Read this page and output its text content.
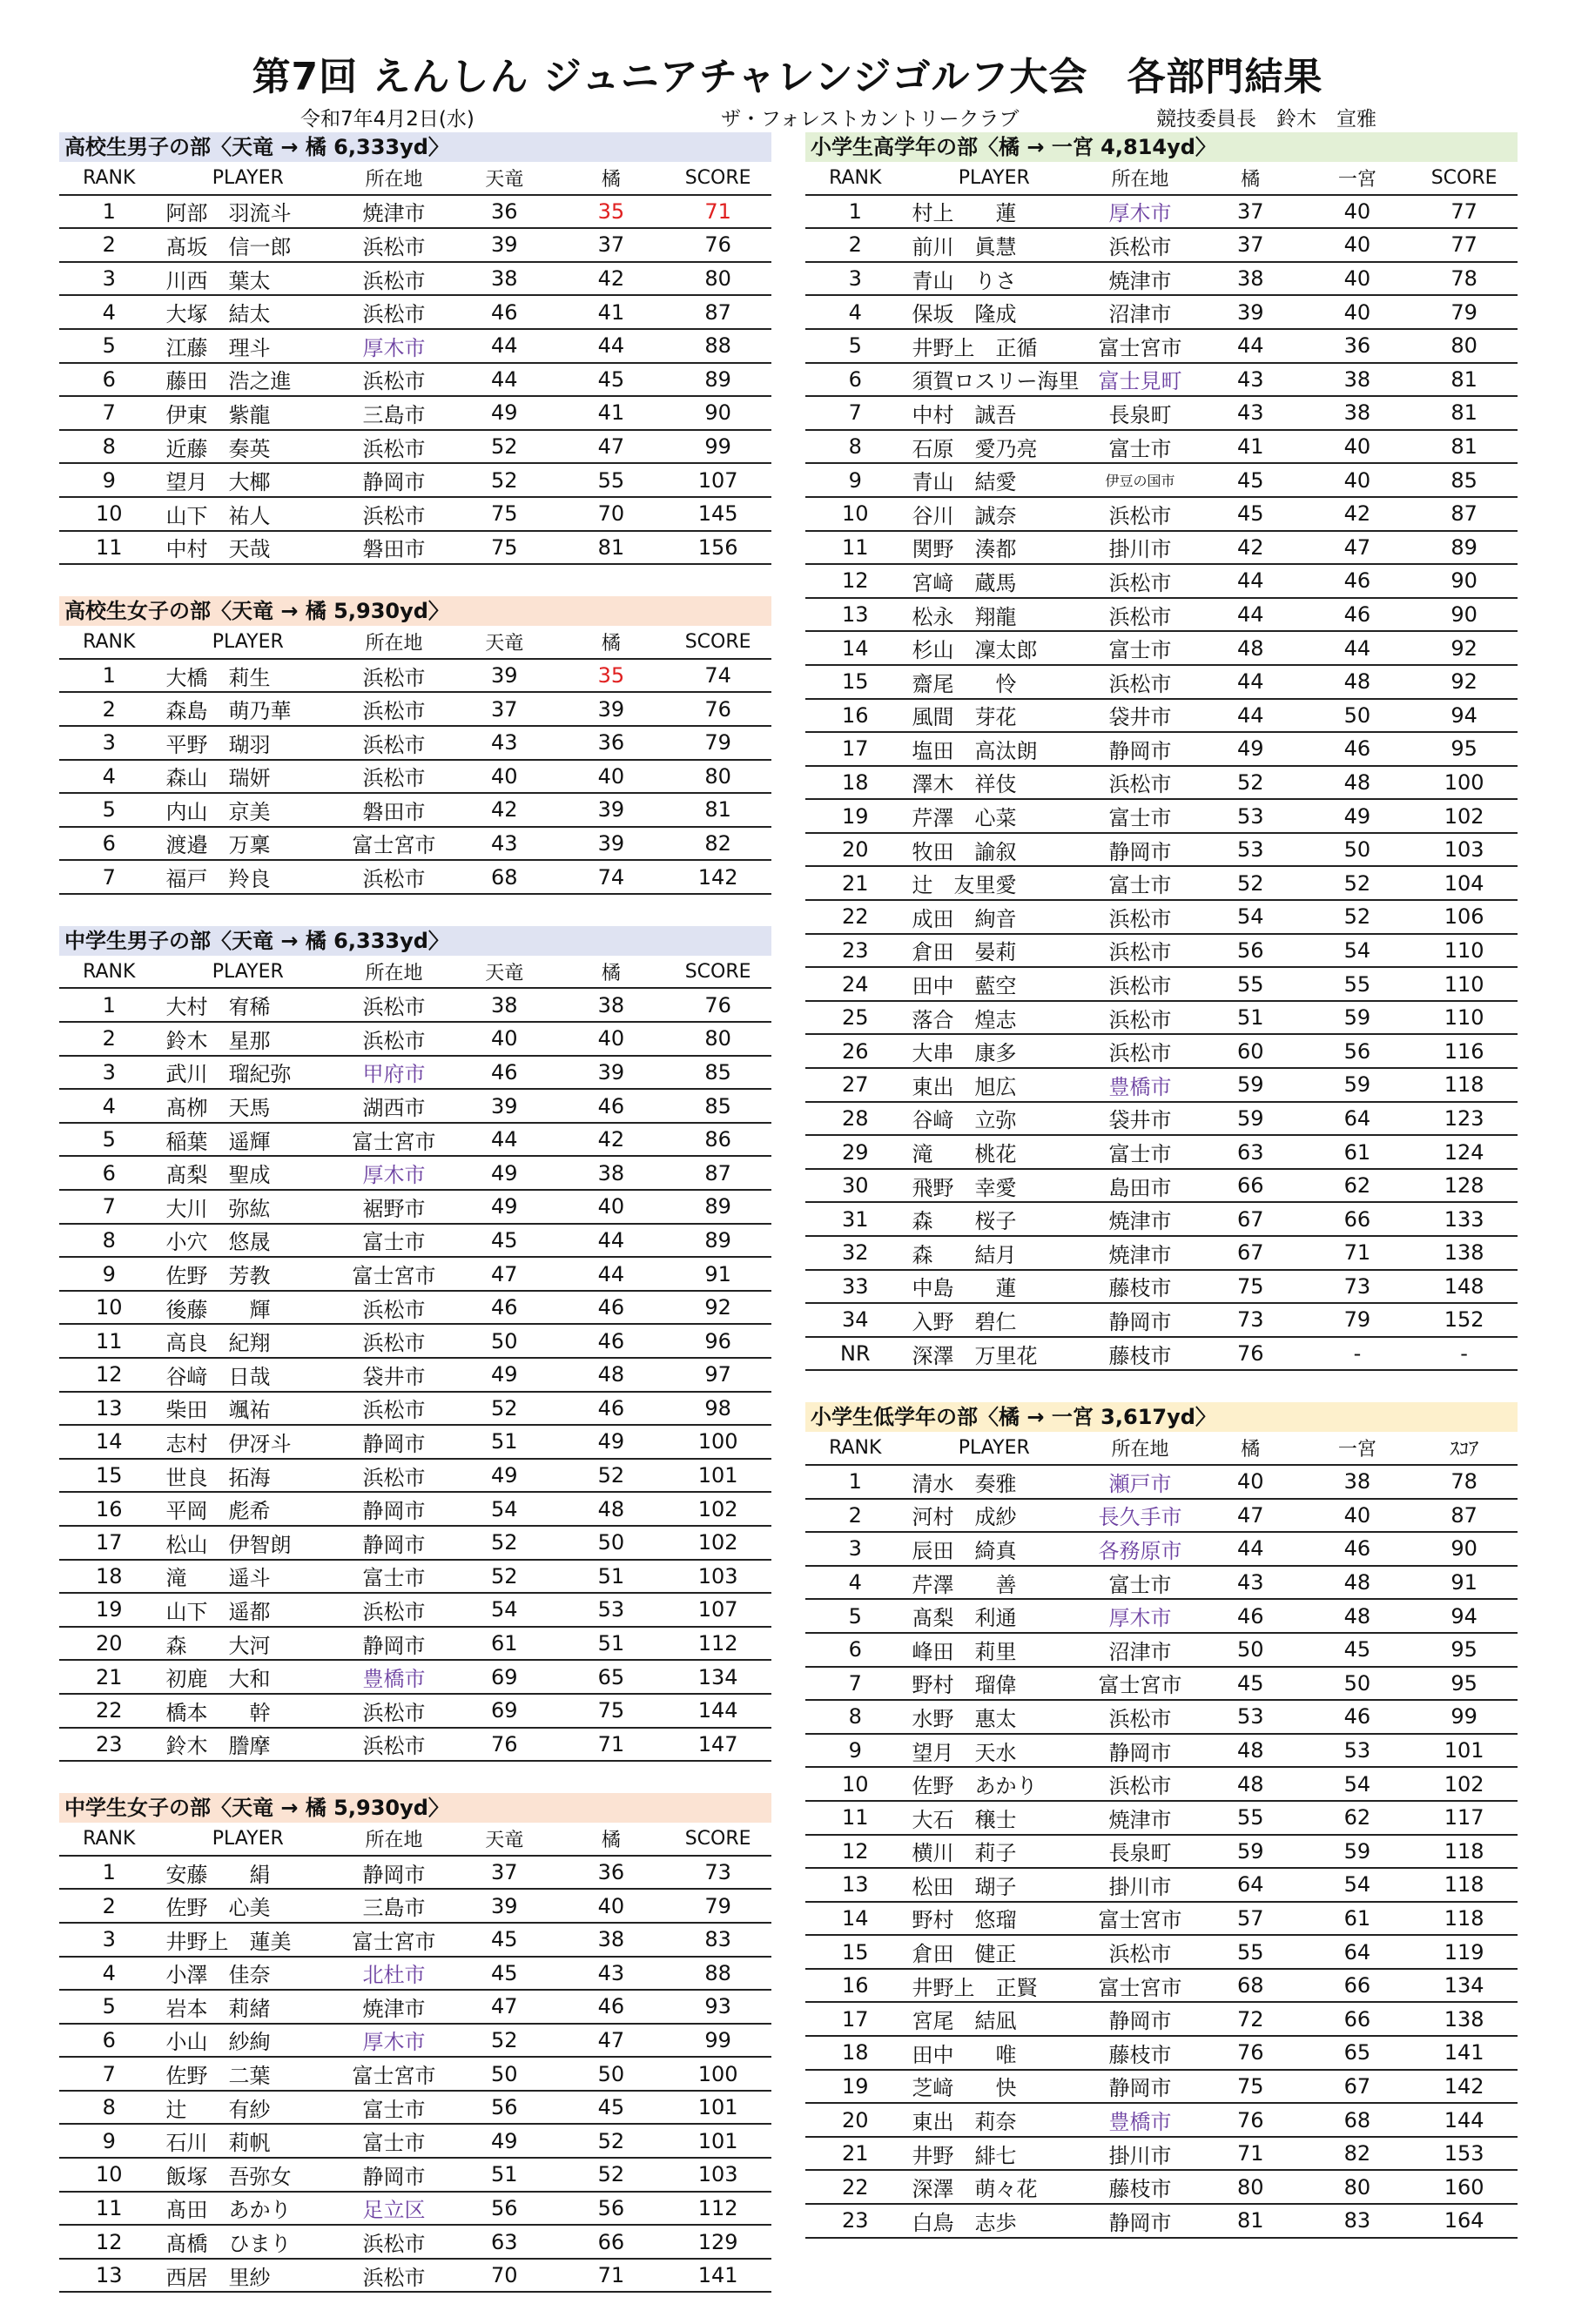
第7回 えんしん ジュニアチャレンジゴルフ大会　各部門結果
令和7年4月2日(水)	ザ・フォレストカントリークラブ	競技委員長　鈴木　宣雅
高校生男子の部〈天竜 → 橘 6,333yd〉
RANK	PLAYER	所在地	天竜	橘	SCORE
1	阿部　羽流斗	焼津市	36	35	71
2	髙坂　信一郎	浜松市	39	37	76
3	川西　葉太	浜松市	38	42	80
4	大塚　結太	浜松市	46	41	87
5	江藤　理斗	厚木市	44	44	88
6	藤田　浩之進	浜松市	44	45	89
7	伊東　紫龍	三島市	49	41	90
8	近藤　奏英	浜松市	52	47	99
9	望月　大椰	静岡市	52	55	107
10	山下　祐人	浜松市	75	70	145
11	中村　天哉	磐田市	75	81	156
高校生女子の部〈天竜 → 橘 5,930yd〉
RANK	PLAYER	所在地	天竜	橘	SCORE
1	大橋　莉生	浜松市	39	35	74
2	森島　萌乃華	浜松市	37	39	76
3	平野　瑚羽	浜松市	43	36	79
4	森山　瑞妍	浜松市	40	40	80
5	内山　京美	磐田市	42	39	81
6	渡邉　万稟	富士宮市	43	39	82
7	福戸　羚良	浜松市	68	74	142
中学生男子の部〈天竜 → 橘 6,333yd〉
RANK	PLAYER	所在地	天竜	橘	SCORE
1	大村　宥稀	浜松市	38	38	76
2	鈴木　星那	浜松市	40	40	80
3	武川　瑠紀弥	甲府市	46	39	85
4	髙栁　天馬	湖西市	39	46	85
5	稲葉　遥輝	富士宮市	44	42	86
6	髙梨　聖成	厚木市	49	38	87
7	大川　弥紘	裾野市	49	40	89
8	小穴　悠晟	富士市	45	44	89
9	佐野　芳教	富士宮市	47	44	91
10	後藤　　輝	浜松市	46	46	92
11	高良　紀翔	浜松市	50	46	96
12	谷﨑　日哉	袋井市	49	48	97
13	柴田　颯祐	浜松市	52	46	98
14	志村　伊冴斗	静岡市	51	49	100
15	世良　拓海	浜松市	49	52	101
16	平岡　彪希	静岡市	54	48	102
17	松山　伊智朗	静岡市	52	50	102
18	滝　　遥斗	富士市	52	51	103
19	山下　遥都	浜松市	54	53	107
20	森　　大河	静岡市	61	51	112
21	初鹿　大和	豊橋市	69	65	134
22	橋本　　幹	浜松市	69	75	144
23	鈴木　謄摩	浜松市	76	71	147
中学生女子の部〈天竜 → 橘 5,930yd〉
RANK	PLAYER	所在地	天竜	橘	SCORE
1	安藤　　絹	静岡市	37	36	73
2	佐野　心美	三島市	39	40	79
3	井野上　蓮美	富士宮市	45	38	83
4	小澤　佳奈	北杜市	45	43	88
5	岩本　莉緒	焼津市	47	46	93
6	小山　紗絢	厚木市	52	47	99
7	佐野　二葉	富士宮市	50	50	100
8	辻　　有紗	富士市	56	45	101
9	石川　莉帆	富士市	49	52	101
10	飯塚　吾弥女	静岡市	51	52	103
11	髙田　あかり	足立区	56	56	112
12	髙橋　ひまり	浜松市	63	66	129
13	西居　里紗	浜松市	70	71	141
小学生高学年の部〈橘 → 一宮 4,814yd〉
RANK	PLAYER	所在地	橘	一宮	SCORE
1	村上　　蓮	厚木市	37	40	77
2	前川　眞慧	浜松市	37	40	77
3	青山　りさ	焼津市	38	40	78
4	保坂　隆成	沼津市	39	40	79
5	井野上　正循	富士宮市	44	36	80
6	須賀ロスリー海里	富士見町	43	38	81
7	中村　誠吾	長泉町	43	38	81
8	石原　愛乃亮	富士市	41	40	81
9	青山　結愛	伊豆の国市	45	40	85
10	谷川　誠奈	浜松市	45	42	87
11	関野　湊都	掛川市	42	47	89
12	宮﨑　蔵馬	浜松市	44	46	90
13	松永　翔龍	浜松市	44	46	90
14	杉山　凜太郎	富士市	48	44	92
15	齋尾　　怜	浜松市	44	48	92
16	風間　芽花	袋井市	44	50	94
17	塩田　高汰朗	静岡市	49	46	95
18	澤木　祥伎	浜松市	52	48	100
19	芹澤　心菜	富士市	53	49	102
20	牧田　諭叙	静岡市	53	50	103
21	辻　友里愛	富士市	52	52	104
22	成田　絢音	浜松市	54	52	106
23	倉田　晏莉	浜松市	56	54	110
24	田中　藍空	浜松市	55	55	110
25	落合　煌志	浜松市	51	59	110
26	大串　康多	浜松市	60	56	116
27	東出　旭広	豊橋市	59	59	118
28	谷﨑　立弥	袋井市	59	64	123
29	滝　　桃花	富士市	63	61	124
30	飛野　幸愛	島田市	66	62	128
31	森　　桜子	焼津市	67	66	133
32	森　　結月	焼津市	67	71	138
33	中島　　蓮	藤枝市	75	73	148
34	入野　碧仁	静岡市	73	79	152
NR	深澤　万里花	藤枝市	76	-	-
小学生低学年の部〈橘 → 一宮 3,617yd〉
RANK	PLAYER	所在地	橘	一宮	ｽｺｱ
1	清水　奏雅	瀬戸市	40	38	78
2	河村　成紗	長久手市	47	40	87
3	辰田　綺真	各務原市	44	46	90
4	芹澤　　善	富士市	43	48	91
5	髙梨　利通	厚木市	46	48	94
6	峰田　莉里	沼津市	50	45	95
7	野村　瑠偉	富士宮市	45	50	95
8	水野　惠太	浜松市	53	46	99
9	望月　天水	静岡市	48	53	101
10	佐野　あかり	浜松市	48	54	102
11	大石　穣士	焼津市	55	62	117
12	横川　莉子	長泉町	59	59	118
13	松田　瑚子	掛川市	64	54	118
14	野村　悠瑠	富士宮市	57	61	118
15	倉田　健正	浜松市	55	64	119
16	井野上　正賢	富士宮市	68	66	134
17	宮尾　結凪	静岡市	72	66	138
18	田中　　唯	藤枝市	76	65	141
19	芝﨑　　快	静岡市	75	67	142
20	東出　莉奈	豊橋市	76	68	144
21	井野　緋七	掛川市	71	82	153
22	深澤　萌々花	藤枝市	80	80	160
23	白鳥　志歩	静岡市	81	83	164
